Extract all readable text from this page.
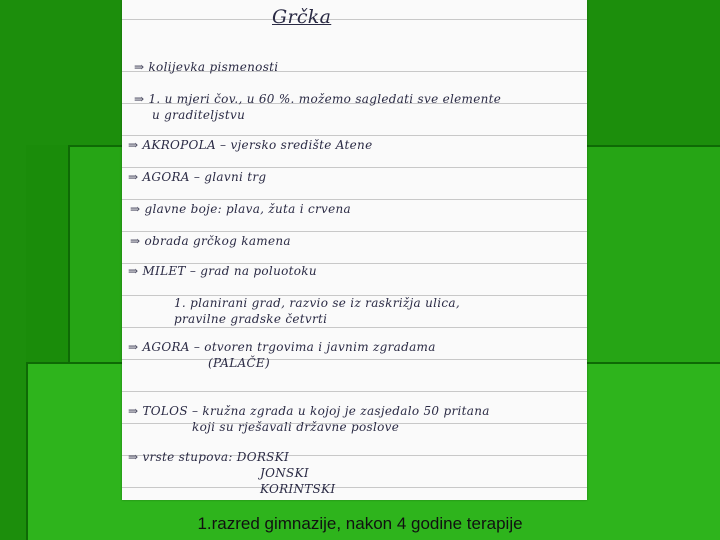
Grčka
⇒ kolijevka pismenosti
⇒ 1. u mjeri čov., u 60 %. možemo sagledati sve elemente
u graditeljstvu
⇒ AKROPOLA – vjersko središte Atene
⇒ AGORA – glavni trg
⇒ glavne boje: plava, žuta i crvena
⇒ obrada grčkog kamena
⇒ MILET – grad na poluotoku
1. planirani grad, razvio se iz raskrižja ulica,
pravilne gradske četvrti
⇒ AGORA – otvoren trgovima i javnim zgradama
(PALAČE)
⇒ TOLOS – kružna zgrada u kojoj je zasjedalo 50 pritana
koji su rješavali državne poslove
⇒ vrste stupova: DORSKI
JONSKI
KORINTSKI
1.razred gimnazije, nakon 4 godine terapije
